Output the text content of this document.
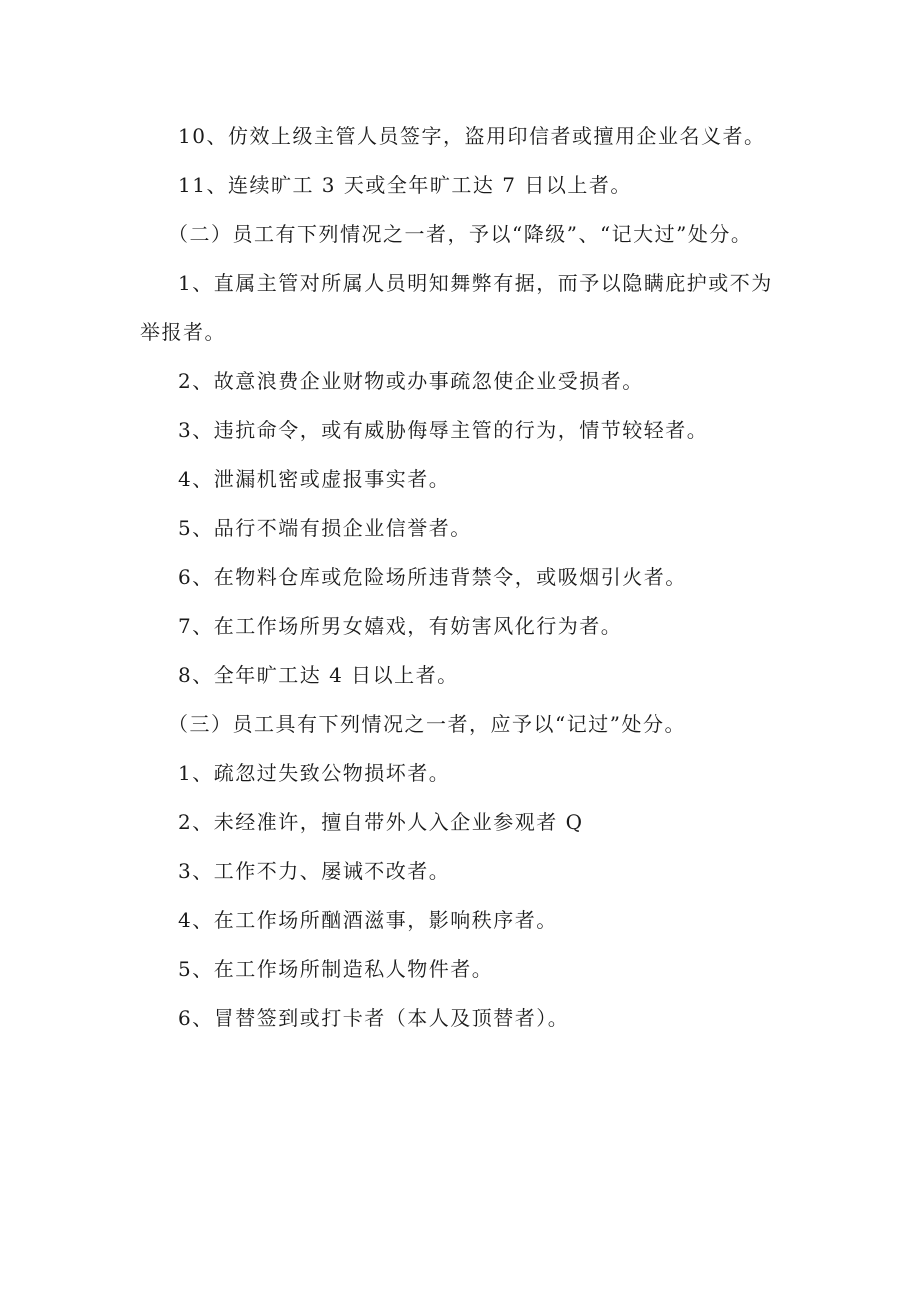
10、仿效上级主管人员签字，盗用印信者或擅用企业名义者。

11、连续旷工 3 天或全年旷工达 7 日以上者。

（二）员工有下列情况之一者，予以“降级”、“记大过”处分。

1、直属主管对所属人员明知舞弊有据，而予以隐瞒庇护或不为举报者。

2、故意浪费企业财物或办事疏忽使企业受损者。

3、违抗命令，或有威胁侮辱主管的行为，情节较轻者。

4、泄漏机密或虚报事实者。

5、品行不端有损企业信誉者。

6、在物料仓库或危险场所违背禁令，或吸烟引火者。

7、在工作场所男女嬉戏，有妨害风化行为者。

8、全年旷工达 4 日以上者。

（三）员工具有下列情况之一者，应予以“记过”处分。

1、疏忽过失致公物损坏者。

2、未经准许，擅自带外人入企业参观者 Q

3、工作不力、屡诫不改者。

4、在工作场所酗酒滋事，影响秩序者。

5、在工作场所制造私人物件者。

6、冒替签到或打卡者（本人及顶替者）。
